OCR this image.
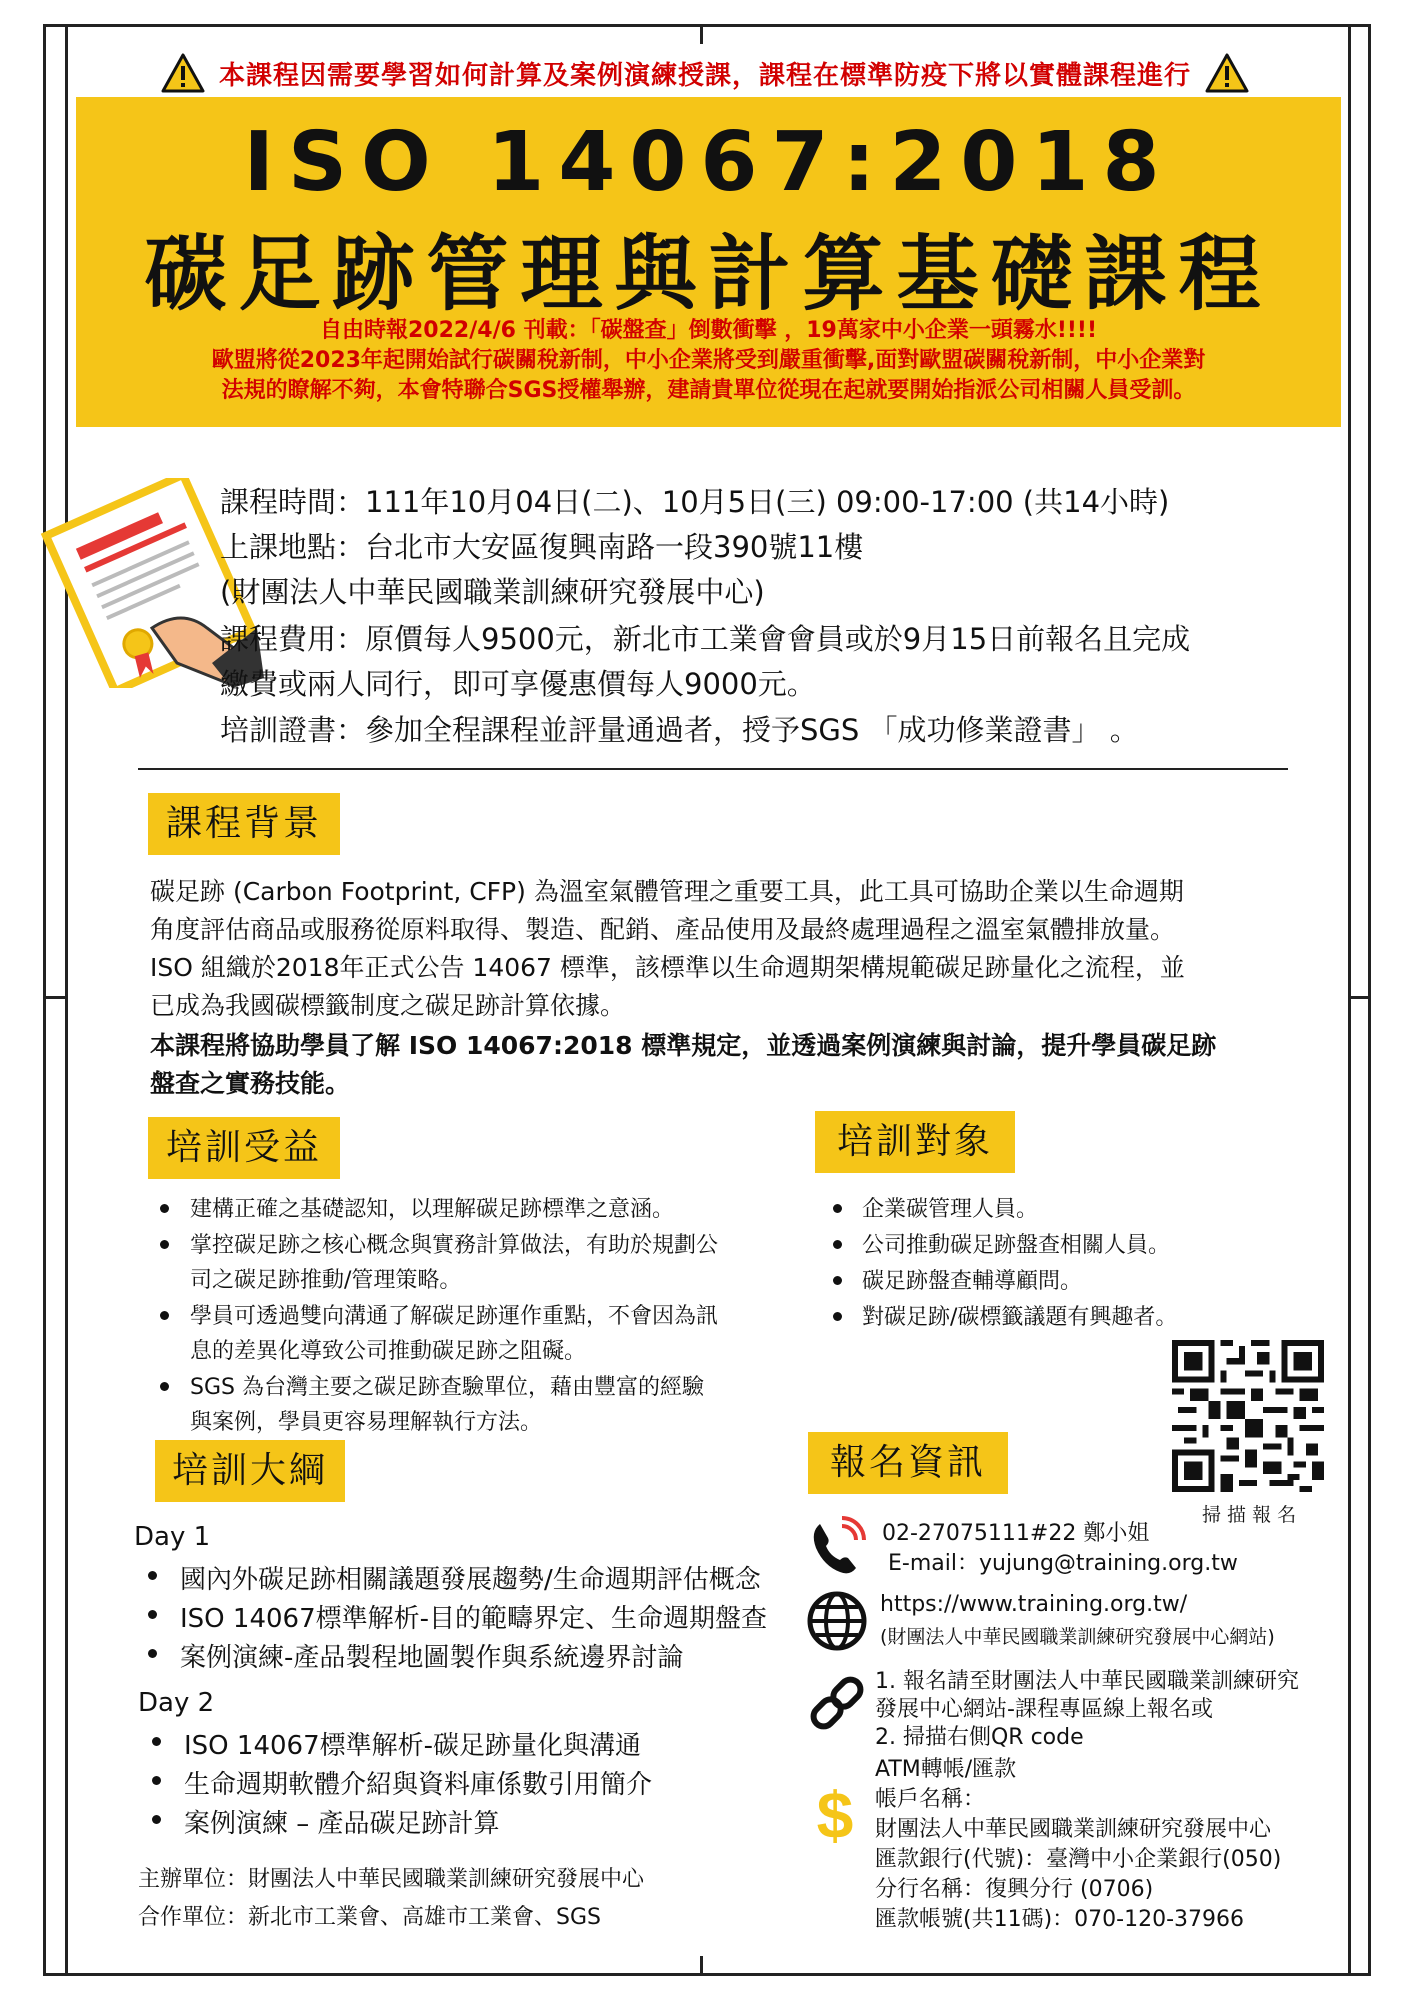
本課程因需要學習如何計算及案例演練授課，課程在標準防疫下將以實體課程進行
ISO 14067:2018
碳足跡管理與計算基礎課程
自由時報2022/4/6 刊載：「碳盤查」倒數衝擊 ，19萬家中小企業一頭霧水!!!!
歐盟將從2023年起開始試行碳關稅新制，中小企業將受到嚴重衝擊,面對歐盟碳關稅新制，中小企業對
法規的瞭解不夠，本會特聯合SGS授權舉辦，建請貴單位從現在起就要開始指派公司相關人員受訓。
課程時間：111年10月04日(二)、10月5日(三) 09:00-17:00 (共14小時)
上課地點：台北市大安區復興南路一段390號11樓
(財團法人中華民國職業訓練研究發展中心)
課程費用：原價每人9500元，新北市工業會會員或於9月15日前報名且完成
繳費或兩人同行，即可享優惠價每人9000元。
培訓證書：參加全程課程並評量通過者，授予SGS 「成功修業證書」 。
課程背景
碳足跡 (Carbon Footprint, CFP) 為溫室氣體管理之重要工具，此工具可協助企業以生命週期
角度評估商品或服務從原料取得、製造、配銷、產品使用及最終處理過程之溫室氣體排放量。
ISO 組織於2018年正式公告 14067 標準，該標準以生命週期架構規範碳足跡量化之流程，並
已成為我國碳標籤制度之碳足跡計算依據。
本課程將協助學員了解 ISO 14067:2018 標準規定，並透過案例演練與討論，提升學員碳足跡
盤查之實務技能。
培訓受益
建構正確之基礎認知，以理解碳足跡標準之意涵。
掌控碳足跡之核心概念與實務計算做法，有助於規劃公
司之碳足跡推動/管理策略。
學員可透過雙向溝通了解碳足跡運作重點，不會因為訊
息的差異化導致公司推動碳足跡之阻礙。
SGS 為台灣主要之碳足跡查驗單位，藉由豐富的經驗
與案例，學員更容易理解執行方法。
培訓對象
企業碳管理人員。
公司推動碳足跡盤查相關人員。
碳足跡盤查輔導顧問。
對碳足跡/碳標籤議題有興趣者。
掃 描 報 名
培訓大綱
Day 1
國內外碳足跡相關議題發展趨勢/生命週期評估概念
ISO 14067標準解析-目的範疇界定、生命週期盤查
案例演練-產品製程地圖製作與系統邊界討論
Day 2
ISO 14067標準解析-碳足跡量化與溝通
生命週期軟體介紹與資料庫係數引用簡介
案例演練 – 產品碳足跡計算
主辦單位：財團法人中華民國職業訓練研究發展中心
合作單位：新北市工業會、高雄市工業會、SGS
報名資訊
02-27075111#22 鄭小姐
E-mail：yujung@training.org.tw
https://www.training.org.tw/
(財團法人中華民國職業訓練研究發展中心網站)
1. 報名請至財團法人中華民國職業訓練研究
發展中心網站-課程專區線上報名或
2. 掃描右側QR code
$
ATM轉帳/匯款
帳戶名稱：
財團法人中華民國職業訓練研究發展中心
匯款銀行(代號)：臺灣中小企業銀行(050)
分行名稱：復興分行 (0706)
匯款帳號(共11碼)：070-120-37966
